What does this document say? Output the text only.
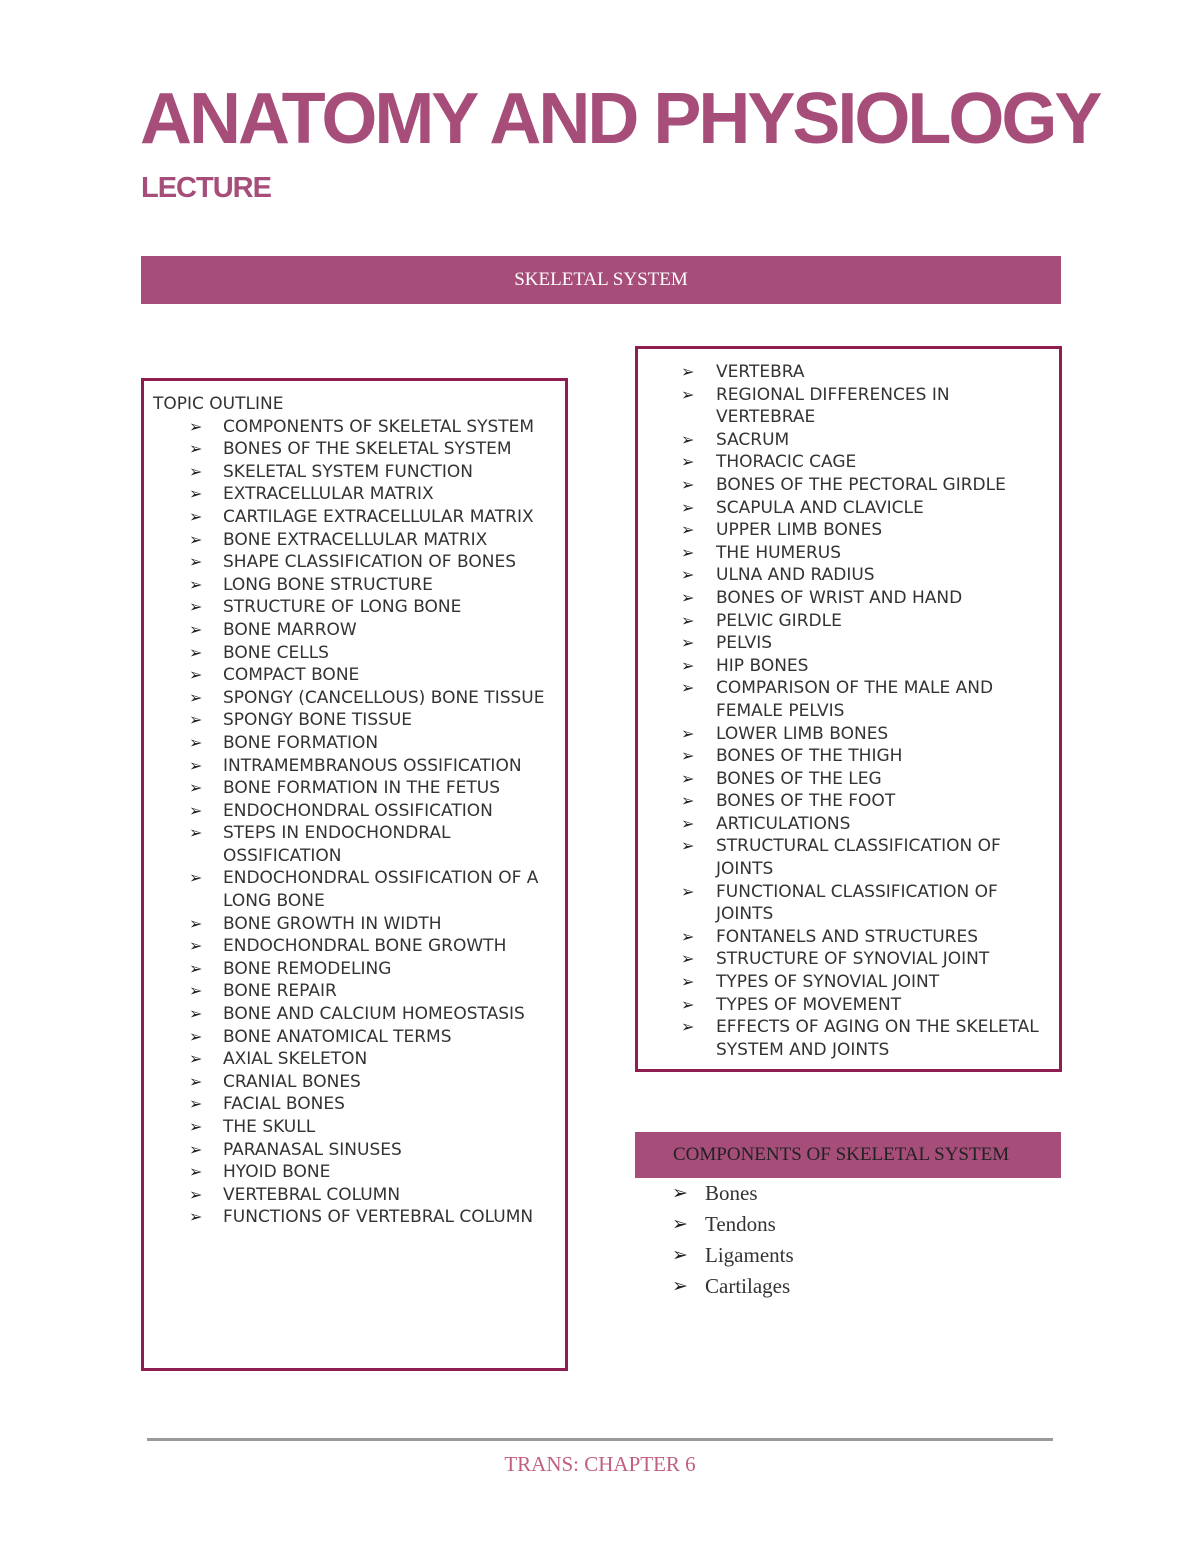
ANATOMY AND PHYSIOLOGY
LECTURE
SKELETAL SYSTEM
TOPIC OUTLINE
➢ COMPONENTS OF SKELETAL SYSTEM
➢ BONES OF THE SKELETAL SYSTEM
➢ SKELETAL SYSTEM FUNCTION
➢ EXTRACELLULAR MATRIX
➢ CARTILAGE EXTRACELLULAR MATRIX
➢ BONE EXTRACELLULAR MATRIX
➢ SHAPE CLASSIFICATION OF BONES
➢ LONG BONE STRUCTURE
➢ STRUCTURE OF LONG BONE
➢ BONE MARROW
➢ BONE CELLS
➢ COMPACT BONE
➢ SPONGY (CANCELLOUS) BONE TISSUE
➢ SPONGY BONE TISSUE
➢ BONE FORMATION
➢ INTRAMEMBRANOUS OSSIFICATION
➢ BONE FORMATION IN THE FETUS
➢ ENDOCHONDRAL OSSIFICATION
➢ STEPS IN ENDOCHONDRAL OSSIFICATION
➢ ENDOCHONDRAL OSSIFICATION OF A LONG BONE
➢ BONE GROWTH IN WIDTH
➢ ENDOCHONDRAL BONE GROWTH
➢ BONE REMODELING
➢ BONE REPAIR
➢ BONE AND CALCIUM HOMEOSTASIS
➢ BONE ANATOMICAL TERMS
➢ AXIAL SKELETON
➢ CRANIAL BONES
➢ FACIAL BONES
➢ THE SKULL
➢ PARANASAL SINUSES
➢ HYOID BONE
➢ VERTEBRAL COLUMN
➢ FUNCTIONS OF VERTEBRAL COLUMN
➢ VERTEBRA
➢ REGIONAL DIFFERENCES IN VERTEBRAE
➢ SACRUM
➢ THORACIC CAGE
➢ BONES OF THE PECTORAL GIRDLE
➢ SCAPULA AND CLAVICLE
➢ UPPER LIMB BONES
➢ THE HUMERUS
➢ ULNA AND RADIUS
➢ BONES OF WRIST AND HAND
➢ PELVIC GIRDLE
➢ PELVIS
➢ HIP BONES
➢ COMPARISON OF THE MALE AND FEMALE PELVIS
➢ LOWER LIMB BONES
➢ BONES OF THE THIGH
➢ BONES OF THE LEG
➢ BONES OF THE FOOT
➢ ARTICULATIONS
➢ STRUCTURAL CLASSIFICATION OF JOINTS
➢ FUNCTIONAL CLASSIFICATION OF JOINTS
➢ FONTANELS AND STRUCTURES
➢ STRUCTURE OF SYNOVIAL JOINT
➢ TYPES OF SYNOVIAL JOINT
➢ TYPES OF MOVEMENT
➢ EFFECTS OF AGING ON THE SKELETAL SYSTEM AND JOINTS
COMPONENTS OF SKELETAL SYSTEM
➢ Bones
➢ Tendons
➢ Ligaments
➢ Cartilages
TRANS: CHAPTER 6
